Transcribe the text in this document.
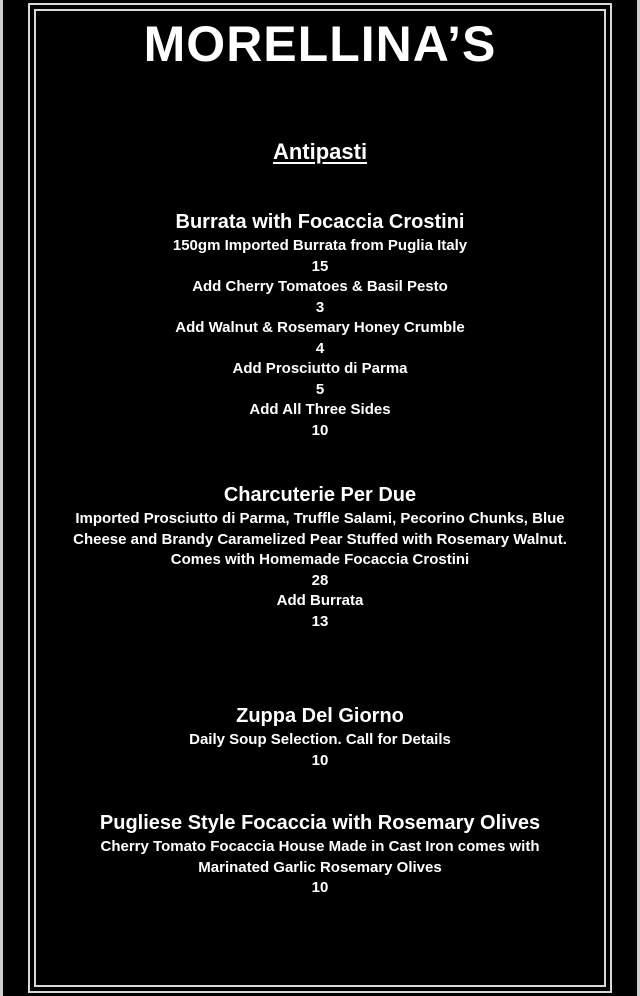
MORELLINA’S
Antipasti
Burrata with Focaccia Crostini
150gm Imported Burrata from Puglia Italy
15
Add Cherry Tomatoes & Basil Pesto
3
Add Walnut & Rosemary Honey Crumble
4
Add Prosciutto di Parma
5
Add All Three Sides
10
Charcuterie Per Due
Imported Prosciutto di Parma, Truffle Salami, Pecorino Chunks, Blue
Cheese and Brandy Caramelized Pear Stuffed with Rosemary Walnut.
Comes with Homemade Focaccia Crostini
28
Add Burrata
13
Zuppa Del Giorno
Daily Soup Selection. Call for Details
10
Pugliese Style Focaccia with Rosemary Olives
Cherry Tomato Focaccia House Made in Cast Iron comes with
Marinated Garlic Rosemary Olives
10
